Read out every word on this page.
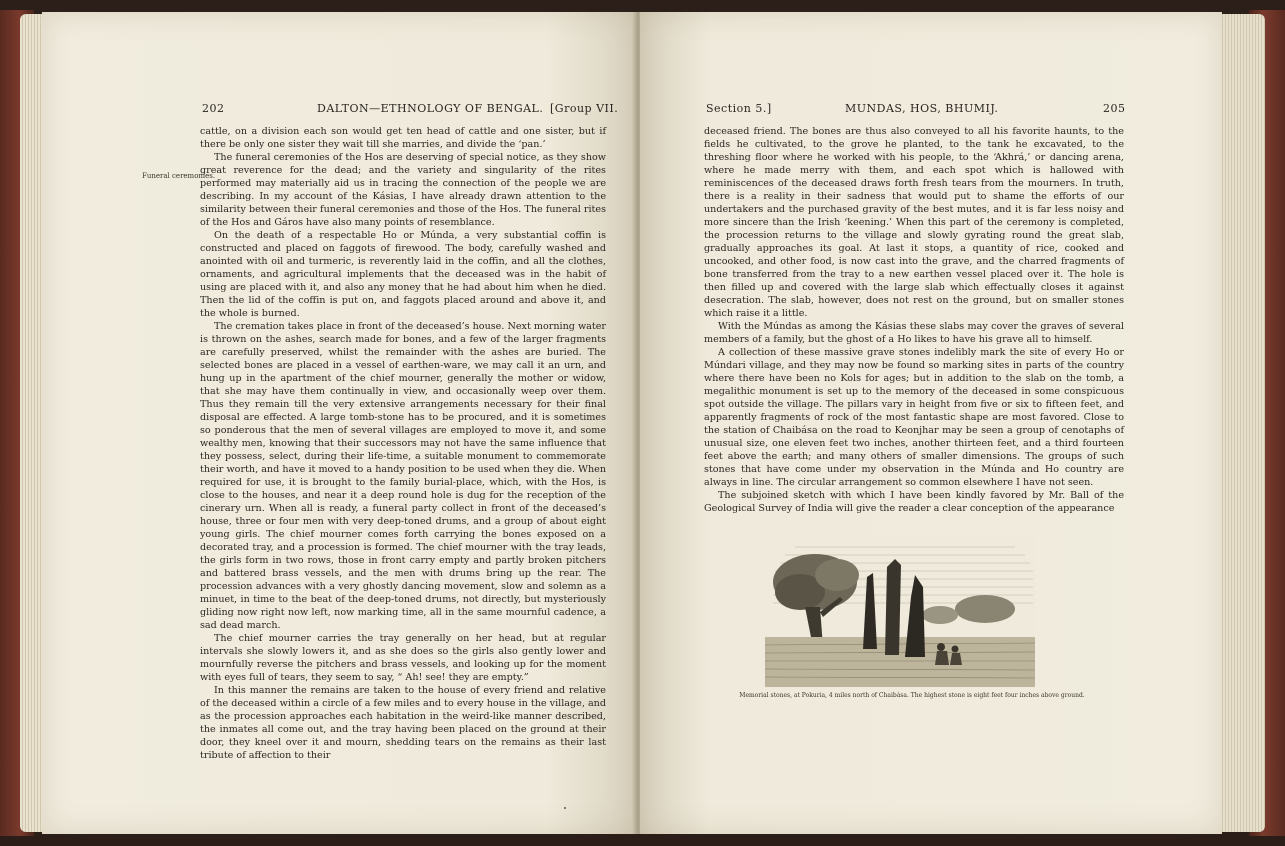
202	DALTON—ETHNOLOGY OF BENGAL. [Group VII.

cattle, on a division each son would get ten head of cattle and one sister, but if there be only one sister they wait till she marries, and divide the ‘pan.’

The funeral ceremonies of the Hos are deserving of special notice, as they show great reverence for the dead; and the variety and singularity of the rites performed may materially aid us in tracing the connection of the people we are describing. In my account of the Kásias, I have already drawn attention to the similarity between their funeral ceremonies and those of the Hos. The funeral rites of the Hos and Gáros have also many points of resemblance.

On the death of a respectable Ho or Múnda, a very substantial coffin is constructed and placed on faggots of firewood. The body, carefully washed and anointed with oil and turmeric, is reverently laid in the coffin, and all the clothes, ornaments, and agricultural implements that the deceased was in the habit of using are placed with it, and also any money that he had about him when he died. Then the lid of the coffin is put on, and faggots placed around and above it, and the whole is burned.

The cremation takes place in front of the deceased’s house. Next morning water is thrown on the ashes, search made for bones, and a few of the larger fragments are carefully preserved, whilst the remainder with the ashes are buried. The selected bones are placed in a vessel of earthen-ware, we may call it an urn, and hung up in the apartment of the chief mourner, generally the mother or widow, that she may have them continually in view, and occasionally weep over them. Thus they remain till the very extensive arrangements necessary for their final disposal are effected. A large tomb-stone has to be procured, and it is sometimes so ponderous that the men of several villages are employed to move it, and some wealthy men, knowing that their successors may not have the same influence that they possess, select, during their life-time, a suitable monument to commemorate their worth, and have it moved to a handy position to be used when they die. When required for use, it is brought to the family burial-place, which, with the Hos, is close to the houses, and near it a deep round hole is dug for the reception of the cinerary urn. When all is ready, a funeral party collect in front of the deceased’s house, three or four men with very deep-toned drums, and a group of about eight young girls. The chief mourner comes forth carrying the bones exposed on a decorated tray, and a procession is formed. The chief mourner with the tray leads, the girls form in two rows, those in front carry empty and partly broken pitchers and battered brass vessels, and the men with drums bring up the rear. The procession advances with a very ghostly dancing movement, slow and solemn as a minuet, in time to the beat of the deep-toned drums, not directly, but mysteriously gliding now right now left, now marking time, all in the same mournful cadence, a sad dead march.

The chief mourner carries the tray generally on her head, but at regular intervals she slowly lowers it, and as she does so the girls also gently lower and mournfully reverse the pitchers and brass vessels, and looking up for the moment with eyes full of tears, they seem to say, “ Ah! see! they are empty.”

In this manner the remains are taken to the house of every friend and relative of the deceased within a circle of a few miles and to every house in the village, and as the procession approaches each habitation in the weird-like manner described, the inmates all come out, and the tray having been placed on the ground at their door, they kneel over it and mourn, shedding tears on the remains as their last tribute of affection to their

Funeral ceremonies.
Section 5.]	MUNDAS, HOS, BHUMIJ.	205

deceased friend. The bones are thus also conveyed to all his favorite haunts, to the fields he cultivated, to the grove he planted, to the tank he excavated, to the threshing floor where he worked with his people, to the ‘Akhrá,’ or dancing arena, where he made merry with them, and each spot which is hallowed with reminiscences of the deceased draws forth fresh tears from the mourners. In truth, there is a reality in their sadness that would put to shame the efforts of our undertakers and the purchased gravity of the best mutes, and it is far less noisy and more sincere than the Irish ‘keening.’ When this part of the ceremony is completed, the procession returns to the village and slowly gyrating round the great slab, gradually approaches its goal. At last it stops, a quantity of rice, cooked and uncooked, and other food, is now cast into the grave, and the charred fragments of bone transferred from the tray to a new earthen vessel placed over it. The hole is then filled up and covered with the large slab which effectually closes it against desecration. The slab, however, does not rest on the ground, but on smaller stones which raise it a little.

With the Múndas as among the Kásias these slabs may cover the graves of several members of a family, but the ghost of a Ho likes to have his grave all to himself.

A collection of these massive grave stones indelibly mark the site of every Ho or Múndari village, and they may now be found so marking sites in parts of the country where there have been no Kols for ages; but in addition to the slab on the tomb, a megalithic monument is set up to the memory of the deceased in some conspicuous spot outside the village. The pillars vary in height from five or six to fifteen feet, and apparently fragments of rock of the most fantastic shape are most favored. Close to the station of Chaibása on the road to Keonjhar may be seen a group of cenotaphs of unusual size, one eleven feet two inches, another thirteen feet, and a third fourteen feet above the earth; and many others of smaller dimensions. The groups of such stones that have come under my observation in the Múnda and Ho country are always in line. The circular arrangement so common elsewhere I have not seen.

The subjoined sketch with which I have been kindly favored by Mr. Ball of the Geological Survey of India will give the reader a clear conception of the appearance

Memorial stones, at Pokuria, 4 miles north of Chaibása. The highest stone is eight feet four inches above ground.
